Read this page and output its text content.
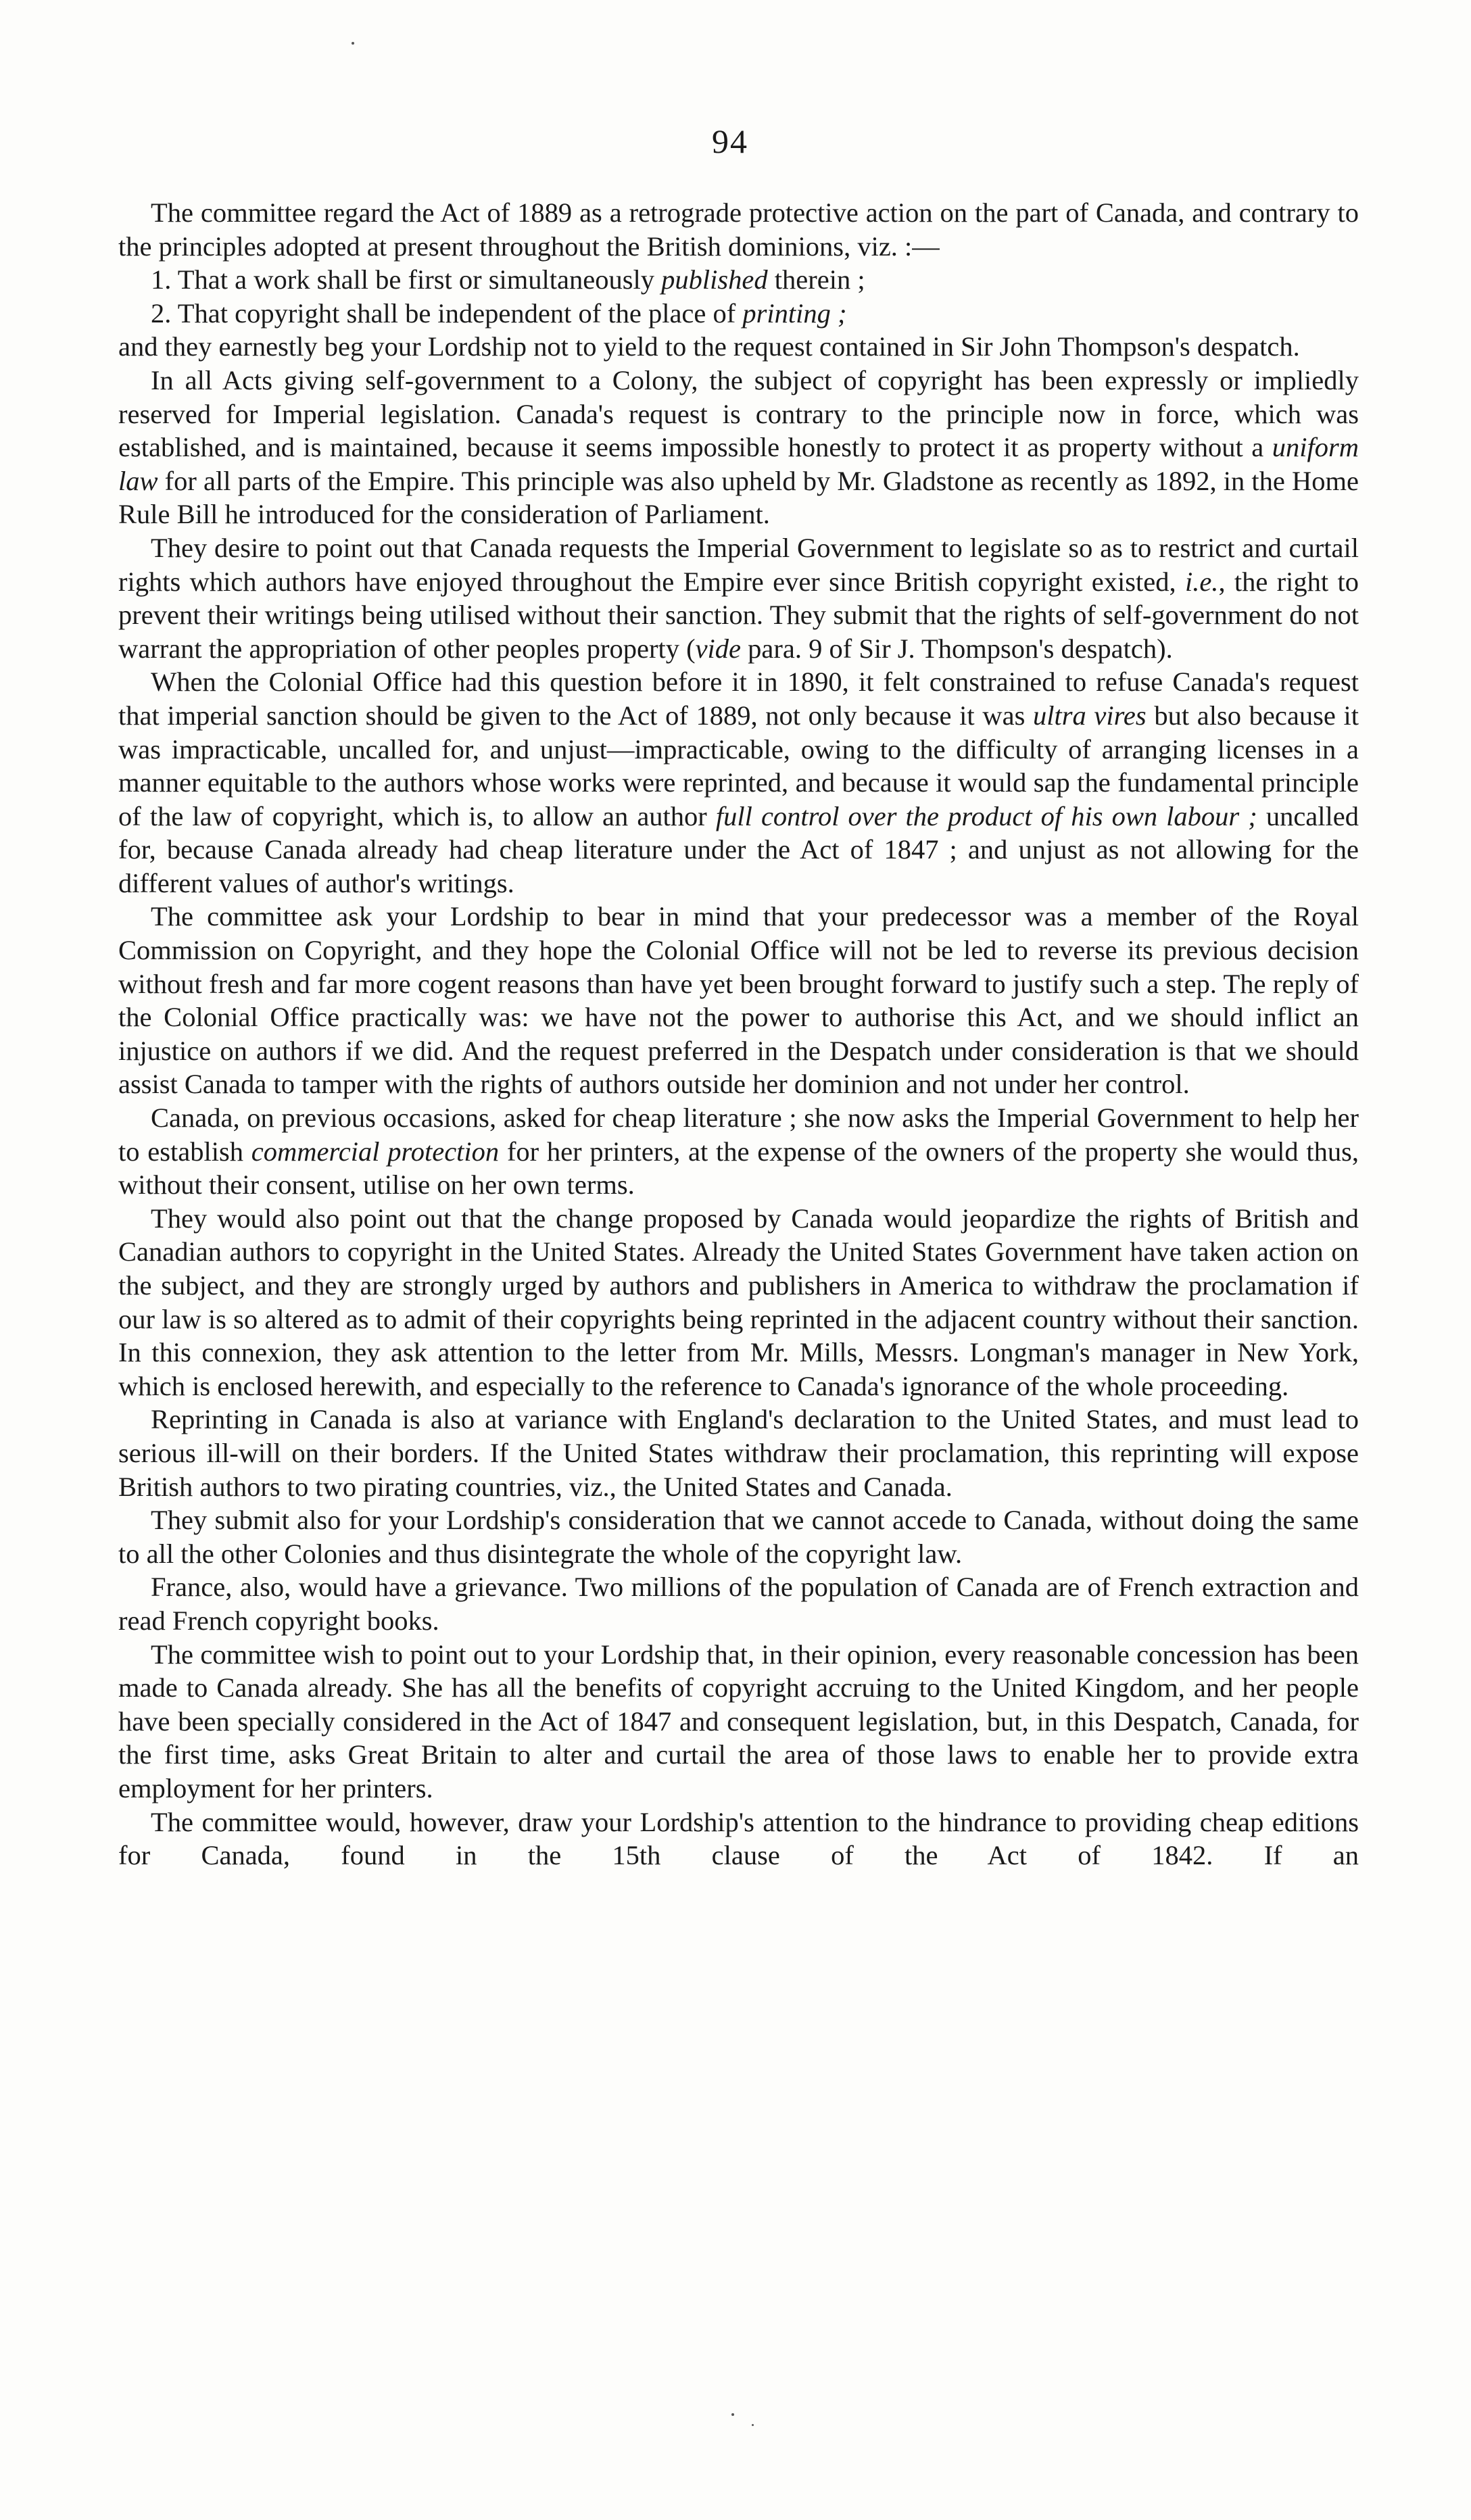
94

The committee regard the Act of 1889 as a retrograde protective action on the part of Canada, and contrary to the principles adopted at present throughout the British dominions, viz. :—

1. That a work shall be first or simultaneously published therein ;

2. That copyright shall be independent of the place of printing ;

and they earnestly beg your Lordship not to yield to the request contained in Sir John Thompson's despatch.

In all Acts giving self-government to a Colony, the subject of copyright has been expressly or impliedly reserved for Imperial legislation. Canada's request is contrary to the principle now in force, which was established, and is maintained, because it seems impossible honestly to protect it as property without a uniform law for all parts of the Empire. This principle was also upheld by Mr. Gladstone as recently as 1892, in the Home Rule Bill he introduced for the consideration of Parliament.

They desire to point out that Canada requests the Imperial Government to legislate so as to restrict and curtail rights which authors have enjoyed throughout the Empire ever since British copyright existed, i.e., the right to prevent their writings being utilised without their sanction. They submit that the rights of self-government do not warrant the appropriation of other peoples property (vide para. 9 of Sir J. Thompson's despatch).

When the Colonial Office had this question before it in 1890, it felt constrained to refuse Canada's request that imperial sanction should be given to the Act of 1889, not only because it was ultra vires but also because it was impracticable, uncalled for, and unjust—impracticable, owing to the difficulty of arranging licenses in a manner equitable to the authors whose works were reprinted, and because it would sap the fundamental principle of the law of copyright, which is, to allow an author full control over the product of his own labour ; uncalled for, because Canada already had cheap literature under the Act of 1847 ; and unjust as not allowing for the different values of author's writings.

The committee ask your Lordship to bear in mind that your predecessor was a member of the Royal Commission on Copyright, and they hope the Colonial Office will not be led to reverse its previous decision without fresh and far more cogent reasons than have yet been brought forward to justify such a step. The reply of the Colonial Office practically was: we have not the power to authorise this Act, and we should inflict an injustice on authors if we did. And the request preferred in the Despatch under consideration is that we should assist Canada to tamper with the rights of authors outside her dominion and not under her control.

Canada, on previous occasions, asked for cheap literature ; she now asks the Imperial Government to help her to establish commercial protection for her printers, at the expense of the owners of the property she would thus, without their consent, utilise on her own terms.

They would also point out that the change proposed by Canada would jeopardize the rights of British and Canadian authors to copyright in the United States. Already the United States Government have taken action on the subject, and they are strongly urged by authors and publishers in America to withdraw the proclamation if our law is so altered as to admit of their copyrights being reprinted in the adjacent country without their sanction. In this connexion, they ask attention to the letter from Mr. Mills, Messrs. Longman's manager in New York, which is enclosed herewith, and especially to the reference to Canada's ignorance of the whole proceeding.

Reprinting in Canada is also at variance with England's declaration to the United States, and must lead to serious ill-will on their borders. If the United States withdraw their proclamation, this reprinting will expose British authors to two pirating countries, viz., the United States and Canada.

They submit also for your Lordship's consideration that we cannot accede to Canada, without doing the same to all the other Colonies and thus disintegrate the whole of the copyright law.

France, also, would have a grievance. Two millions of the population of Canada are of French extraction and read French copyright books.

The committee wish to point out to your Lordship that, in their opinion, every reasonable concession has been made to Canada already. She has all the benefits of copyright accruing to the United Kingdom, and her people have been specially considered in the Act of 1847 and consequent legislation, but, in this Despatch, Canada, for the first time, asks Great Britain to alter and curtail the area of those laws to enable her to provide extra employment for her printers.

The committee would, however, draw your Lordship's attention to the hindrance to providing cheap editions for Canada, found in the 15th clause of the Act of 1842. If an
